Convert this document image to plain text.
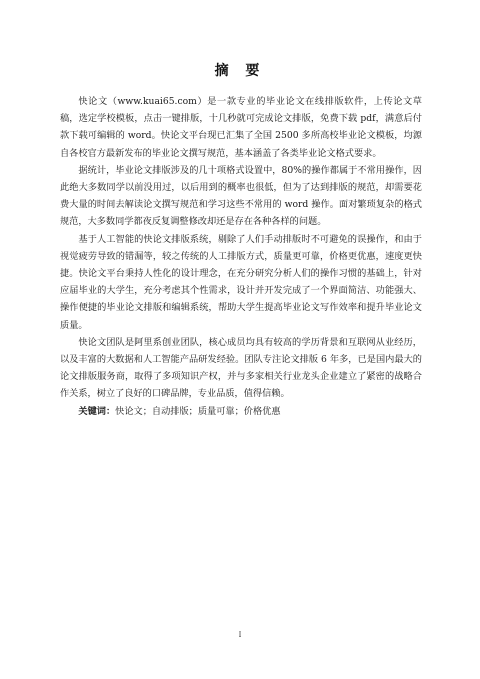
摘 要

快论文（www.kuai65.com）是一款专业的毕业论文在线排版软件，上传论文草稿，选定学校模板，点击一键排版，十几秒就可完成论文排版，免费下载 pdf，满意后付款下载可编辑的 word。快论文平台现已汇集了全国 2500 多所高校毕业论文模板，均源自各校官方最新发布的毕业论文撰写规范，基本涵盖了各类毕业论文格式要求。

据统计，毕业论文排版涉及的几十项格式设置中，80%的操作都属于不常用操作，因此绝大多数同学以前没用过，以后用到的概率也很低，但为了达到排版的规范，却需要花费大量的时间去解读论文撰写规范和学习这些不常用的 word 操作。面对繁琐复杂的格式规范，大多数同学都夜反复调整修改却还是存在各种各样的问题。

基于人工智能的快论文排版系统，剔除了人们手动排版时不可避免的误操作，和由于视觉疲劳导致的错漏等，较之传统的人工排版方式，质量更可靠，价格更优惠，速度更快捷。快论文平台秉持人性化的设计理念，在充分研究分析人们的操作习惯的基础上，针对应届毕业的大学生，充分考虑其个性需求，设计并开发完成了一个界面简洁、功能强大、操作便捷的毕业论文排版和编辑系统，帮助大学生提高毕业论文写作效率和提升毕业论文质量。

快论文团队是阿里系创业团队，核心成员均具有较高的学历背景和互联网从业经历，以及丰富的大数据和人工智能产品研发经验。团队专注论文排版 6 年多，已是国内最大的论文排版服务商，取得了多项知识产权，并与多家相关行业龙头企业建立了紧密的战略合作关系，树立了良好的口碑品牌，专业品质，值得信赖。

关键词：快论文；自动排版；质量可靠；价格优惠

I
